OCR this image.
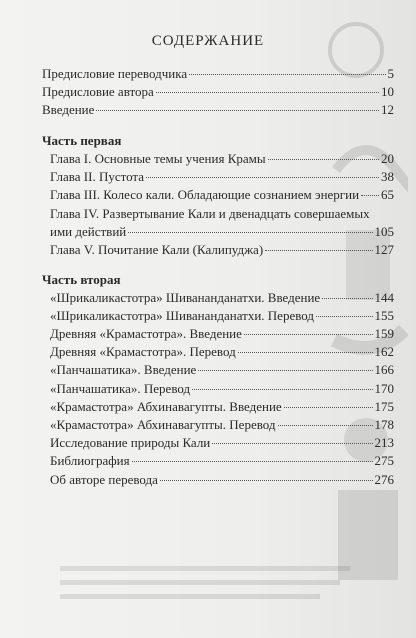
СОДЕРЖАНИЕ
Предисловие переводчика	5
Предисловие автора	10
Введение	12
Часть первая
Глава I. Основные темы учения Крамы	20
Глава II. Пустота	38
Глава III. Колесо кали. Обладающие сознанием энергии 65
Глава IV. Развертывание Кали и двенадцать совершаемых
ими действий	105
Глава V. Почитание Кали (Калипуджа)	127
Часть вторая
«Шрикаликастотра» Шивананданатхи. Введение	144
«Шрикаликастотра» Шивананданатхи. Перевод	155
Древняя «Крамастотра». Введение	159
Древняя «Крамастотра». Перевод	162
«Панчашатика». Введение	166
«Панчашатика». Перевод	170
«Крамастотра» Абхинавагупты. Введение	175
«Крамастотра» Абхинавагупты. Перевод	178
Исследование природы Кали	213
Библиография	275
Об авторе перевода	276
